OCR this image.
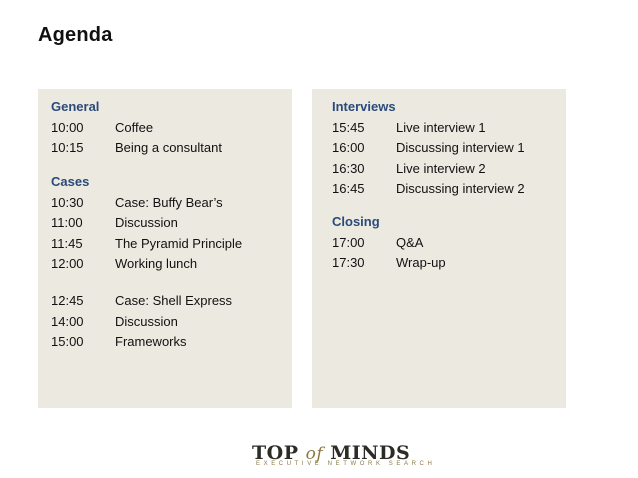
Agenda
General
10:00	Coffee
10:15	Being a consultant
Cases
10:30	Case: Buffy Bear’s
11:00	Discussion
11:45	The Pyramid Principle
12:00	Working lunch
12:45	Case: Shell Express
14:00	Discussion
15:00	Frameworks
Interviews
15:45	Live interview 1
16:00	Discussing interview 1
16:30	Live interview 2
16:45	Discussing interview 2
Closing
17:00	Q&A
17:30	Wrap-up
TOP of MINDS
EXECUTIVE NETWORK SEARCH
